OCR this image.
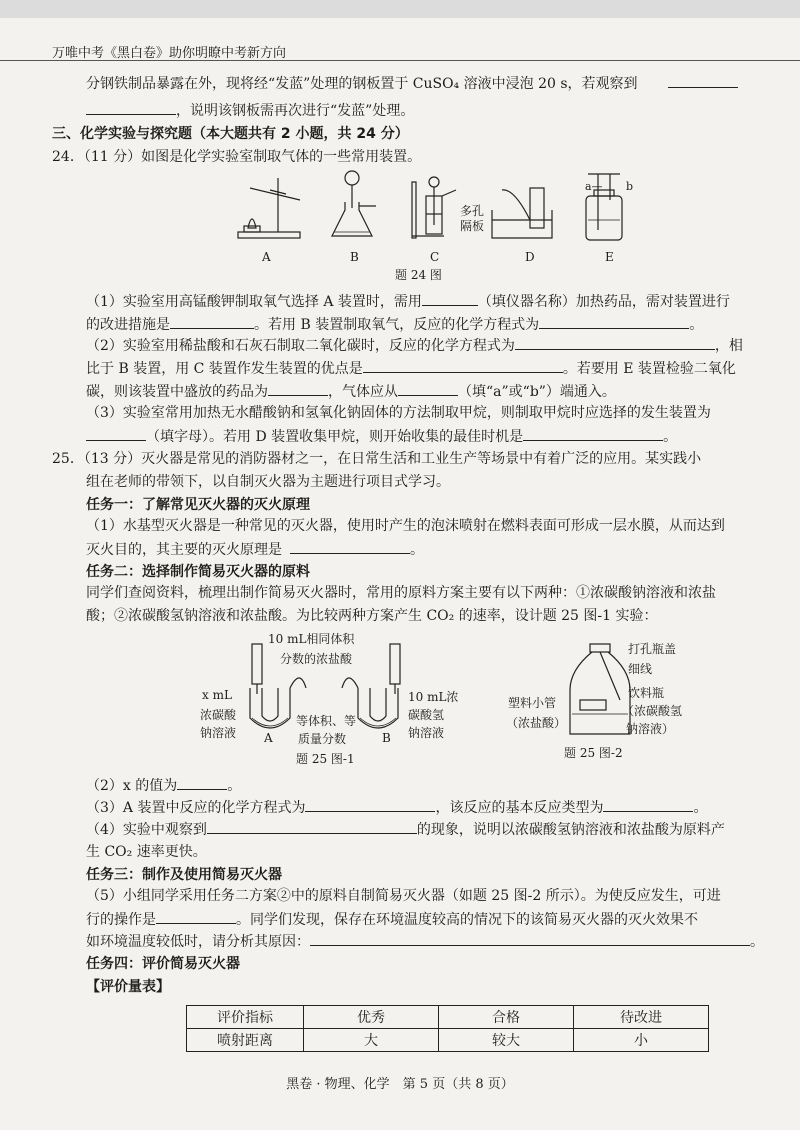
万唯中考《黑白卷》助你明瞭中考新方向
分钢铁制品暴露在外，现将经“发蓝”处理的钢板置于 CuSO₄ 溶液中浸泡 20 s，若观察到
，说明该钢板需再次进行“发蓝”处理。
三、化学实验与探究题（本大题共有 2 小题，共 24 分）
24．（11 分）如图是化学实验室制取气体的一些常用装置。
A	B	C	D	E
多孔
隔板
a— b
题 24 图
（1）实验室用高锰酸钾制取氧气选择 A 装置时，需用	（填仪器名称）加热药品，需对装置进行
的改进措施是	。若用 B 装置制取氧气，反应的化学方程式为	。
（2）实验室用稀盐酸和石灰石制取二氧化碳时，反应的化学方程式为	，相
比于 B 装置，用 C 装置作发生装置的优点是	。若要用 E 装置检验二氧化
碳，则该装置中盛放的药品为	，气体应从	（填“a”或“b”）端通入。
（3）实验室常用加热无水醋酸钠和氢氧化钠固体的方法制取甲烷，则制取甲烷时应选择的发生装置为
（填字母）。若用 D 装置收集甲烷，则开始收集的最佳时机是	。
25．（13 分）灭火器是常见的消防器材之一，在日常生活和工业生产等场景中有着广泛的应用。某实践小
组在老师的带领下，以自制灭火器为主题进行项目式学习。
任务一：了解常见灭火器的灭火原理
（1）水基型灭火器是一种常见的灭火器，使用时产生的泡沫喷射在燃料表面可形成一层水膜，从而达到
灭火目的，其主要的灭火原理是	。
任务二：选择制作简易灭火器的原料
同学们查阅资料，梳理出制作简易灭火器时，常用的原料方案主要有以下两种：①浓碳酸钠溶液和浓盐
酸；②浓碳酸氢钠溶液和浓盐酸。为比较两种方案产生 CO₂ 的速率，设计题 25 图-1 实验：
10 mL相同体积
分数的浓盐酸
x mL
浓碳酸
钠溶液
等体积、等
质量分数
10 mL浓
碳酸氢
钠溶液
A	B
题 25 图-1
打孔瓶盖
细线
饮料瓶
（浓碳酸氢
钠溶液）
塑料小管
（浓盐酸）
题 25 图-2
（2）x 的值为	。
（3）A 装置中反应的化学方程式为	，该反应的基本反应类型为	。
（4）实验中观察到	的现象，说明以浓碳酸氢钠溶液和浓盐酸为原料产
生 CO₂ 速率更快。
任务三：制作及使用简易灭火器
（5）小组同学采用任务二方案②中的原料自制简易灭火器（如题 25 图-2 所示）。为使反应发生，可进
行的操作是	。同学们发现，保存在环境温度较高的情况下的该简易灭火器的灭火效果不
如环境温度较低时，请分析其原因：	。
任务四：评价简易灭火器
【评价量表】
评价指标	优秀	合格	待改进
喷射距离	大	较大	小
黑卷 · 物理、化学　第 5 页（共 8 页）
